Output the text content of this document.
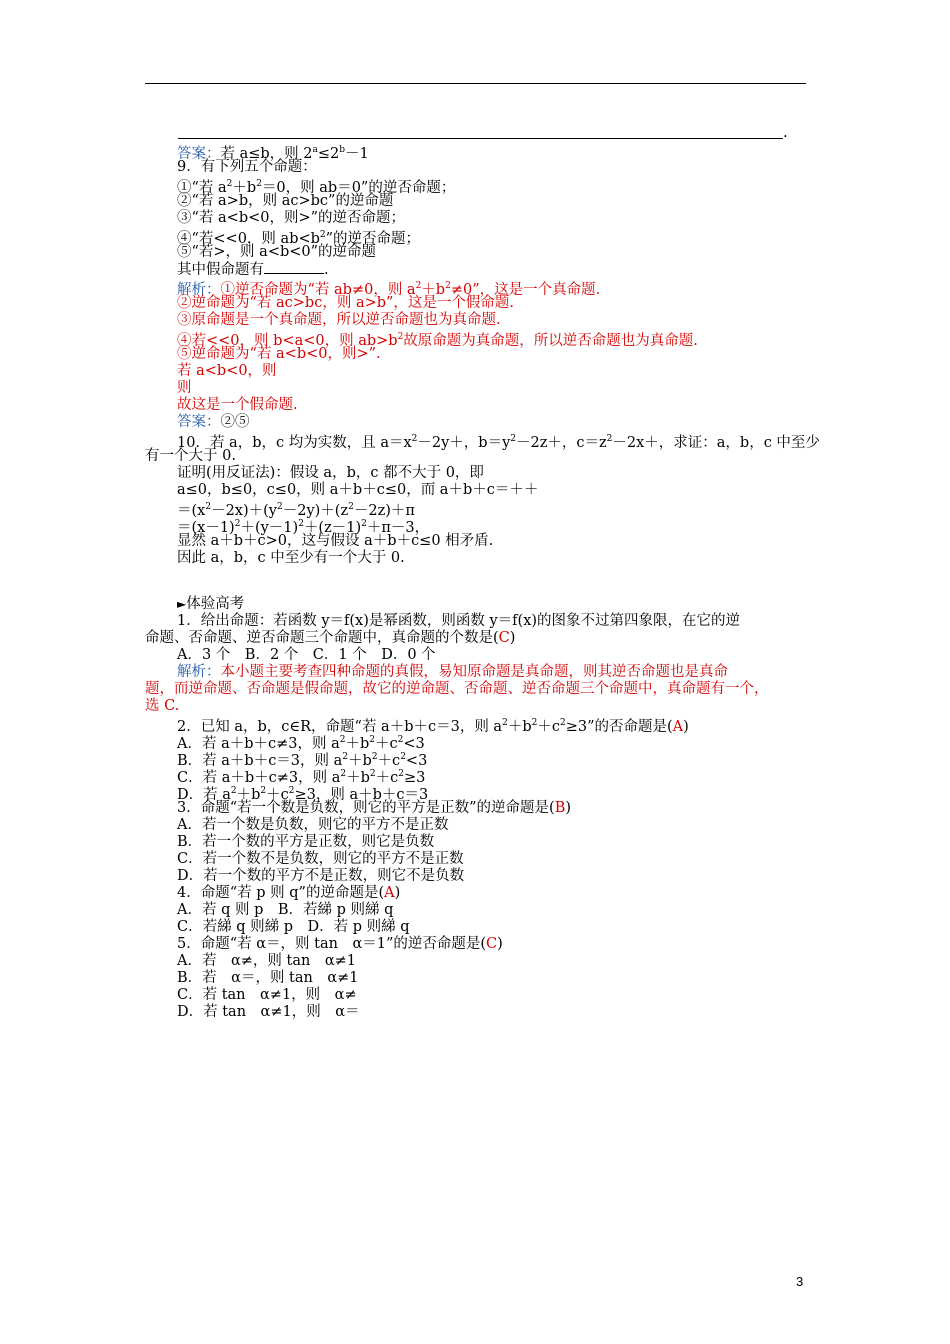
.
答案：若 a≤b，则 $2^a\le 2^b-1$
9．有下列五个命题：
①“若 $a^2+b^2=0$，则 ab＝0”的逆否命题；
②“若 a>b，则 ac>bc”的逆命题
③“若 a<b<0，则>”的逆否命题；
④“若<<0，则 $ab<b^2$”的逆否命题；
⑤“若>，则 a<b<0”的逆命题
其中假命题有	.
解析：①逆否命题为“若 ab≠0，则 $a^2+b^2\ne 0$”，这是一个真命题.
②逆命题为“若 ac>bc，则 a>b”，这是一个假命题.
③原命题是一个真命题，所以逆否命题也为真命题.
④若<<0，则 b<a<0，则 $ab>b^2$故原命题为真命题，所以逆否命题也为真命题.
⑤逆命题为“若 a<b<0，则>”.
若 a<b<0，则
则
故这是一个假命题.
答案：②⑤
10．若 a，b，c 均为实数，且 $a=x^2-2y+$，$b=y^2-2z+$，$c=z^2-2x+$，求证：a，b，c 中至少
有一个大于 0.
证明(用反证法)：假设 a，b，c 都不大于 0，即
a≤0，b≤0，c≤0，则 a＋b＋c≤0，而 a＋b＋c＝＋＋
$=(x^2-2x)+(y^2-2y)+(z^2-2z)+\pi$
$=(x-1)^2+(y-1)^2+(z-1)^2+\pi-3$，
显然 a＋b＋c>0，这与假设 a＋b＋c≤0 相矛盾.
因此 a，b，c 中至少有一个大于 0.
►体验高考
1．给出命题：若函数 y＝f(x)是幂函数，则函数 y＝f(x)的图象不过第四象限，在它的逆
命题、否命题、逆否命题三个命题中，真命题的个数是(C)
A．3 个　B．2 个　C．1 个　D．0 个
解析：本小题主要考查四种命题的真假，易知原命题是真命题，则其逆否命题也是真命
题，而逆命题、否命题是假命题，故它的逆命题、否命题、逆否命题三个命题中，真命题有一个，
选 C.
2．已知 a，b，c∈R，命题“若 a＋b＋c＝3，则 $a^2+b^2+c^2\ge 3$”的否命题是(A)
A．若 a＋b＋c≠3，则 $a^2+b^2+c^2<3$
B．若 a＋b＋c＝3，则 $a^2+b^2+c^2<3$
C．若 a＋b＋c≠3，则 $a^2+b^2+c^2\ge 3$
D．若 $a^2+b^2+c^2\ge 3$，则 a＋b＋c＝3
3．命题“若一个数是负数，则它的平方是正数”的逆命题是(B)
A．若一个数是负数，则它的平方不是正数
B．若一个数的平方是正数，则它是负数
C．若一个数不是负数，则它的平方不是正数
D．若一个数的平方不是正数，则它不是负数
4．命题“若 p 则 q”的逆命题是(A)
A．若 q 则 p　B．若綈 p 则綈 q
C．若綈 q 则綈 p　D．若 p 则綈 q
5．命题“若 α＝，则 tan　α＝1”的逆否命题是(C)
A．若　α≠，则 tan　α≠1
B．若　α＝，则 tan　α≠1
C．若 tan　α≠1，则　α≠
D．若 tan　α≠1，则　α＝
3
